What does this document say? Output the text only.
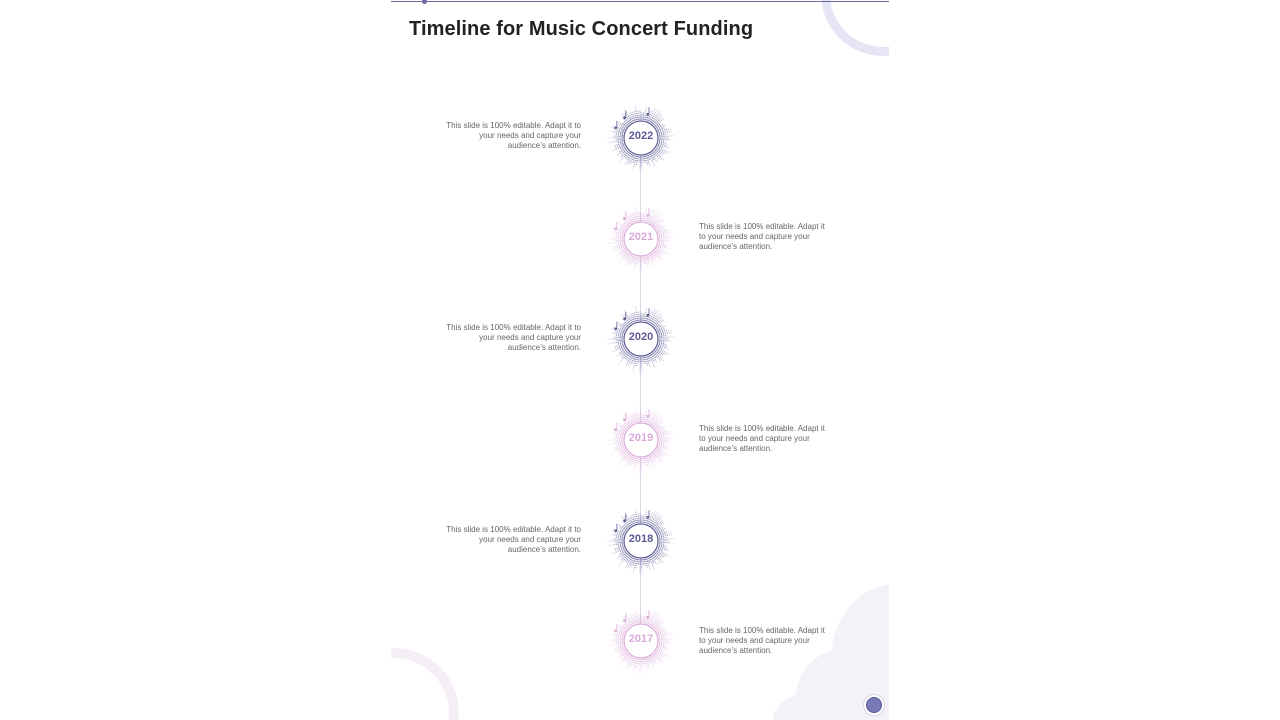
Timeline for Music Concert Funding
2022
This slide is 100% editable. Adapt it to your needs and capture your audience’s attention.
2021
This slide is 100% editable. Adapt it to your needs and capture your audience’s attention.
2020
This slide is 100% editable. Adapt it to your needs and capture your audience’s attention.
2019
This slide is 100% editable. Adapt it to your needs and capture your audience’s attention.
2018
This slide is 100% editable. Adapt it to your needs and capture your audience’s attention.
2017
This slide is 100% editable. Adapt it to your needs and capture your audience’s attention.
